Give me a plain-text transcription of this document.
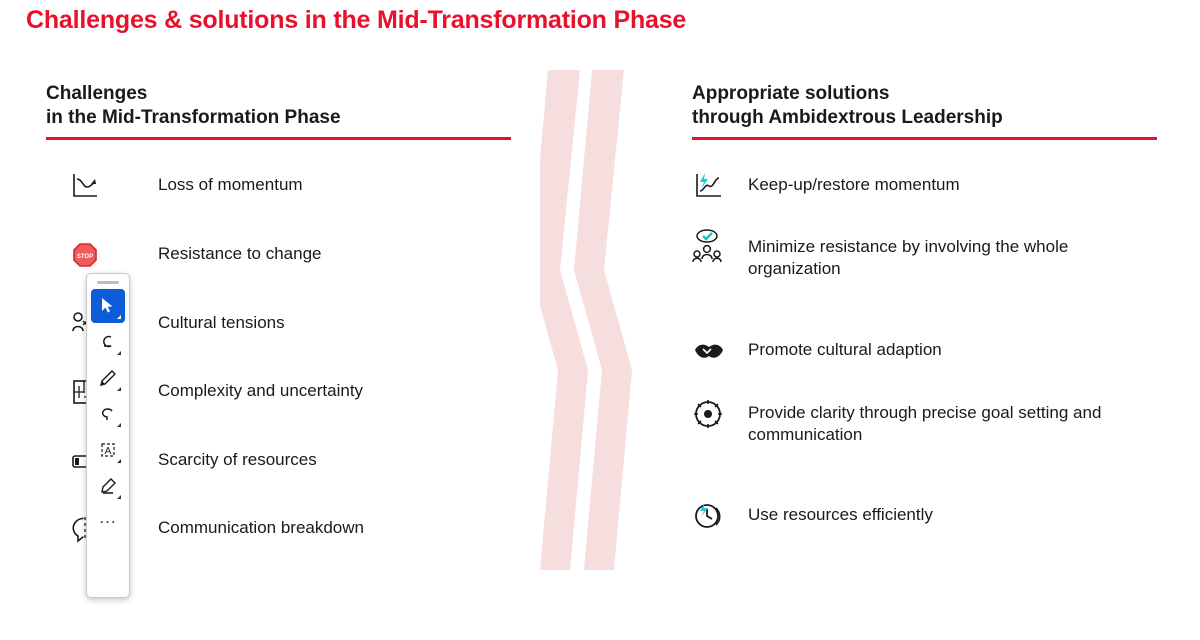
Challenges & solutions in the Mid-Transformation Phase
Challenges
in the Mid-Transformation Phase
Loss of momentum
STOP	Resistance to change
Cultural tensions
Complexity and uncertainty
Scarcity of resources
Communication breakdown
Appropriate solutions
through Ambidextrous Leadership
Keep-up/restore momentum
Minimize resistance by involving the whole organization
Promote cultural adaption
Provide clarity through precise goal setting and communication
Use resources efficiently
A
...
